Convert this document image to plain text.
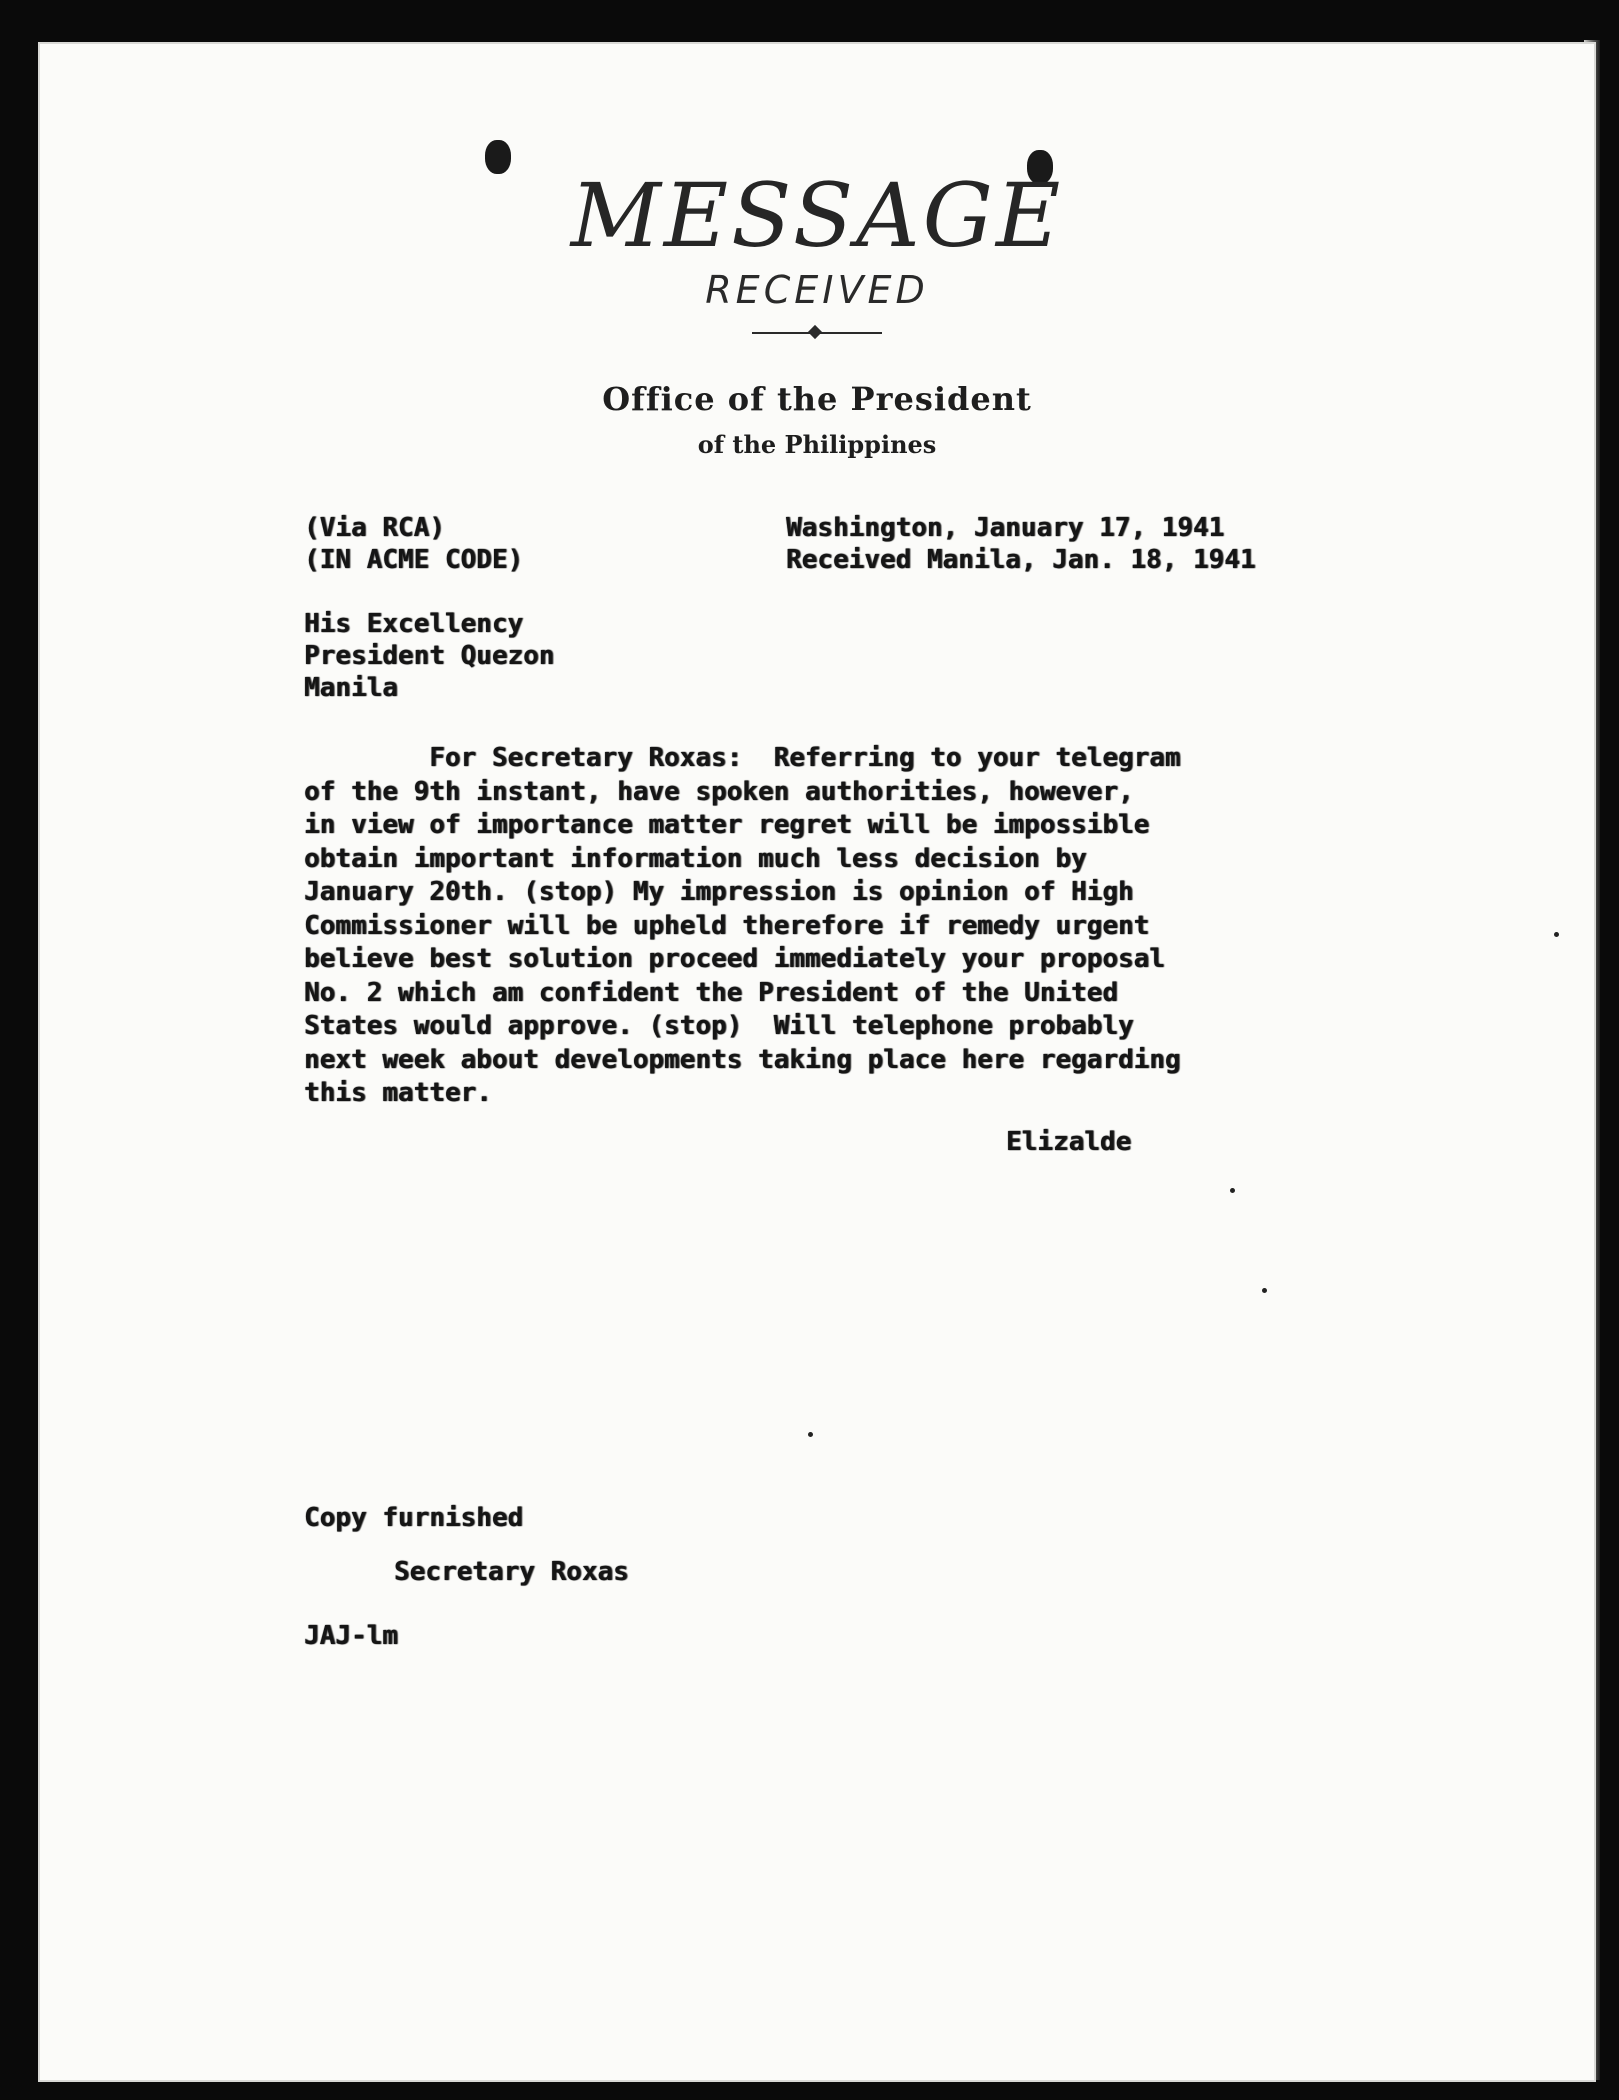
MESSAGE
RECEIVED
Office of the President
of the Philippines
(Via RCA)
(IN ACME CODE)
Washington, January 17, 1941
Received Manila, Jan. 18, 1941
His Excellency
President Quezon
Manila
For Secretary Roxas:  Referring to your telegram
of the 9th instant, have spoken authorities, however,
in view of importance matter regret will be impossible
obtain important information much less decision by
January 20th. (stop) My impression is opinion of High
Commissioner will be upheld therefore if remedy urgent
believe best solution proceed immediately your proposal
No. 2 which am confident the President of the United
States would approve. (stop)  Will telephone probably
next week about developments taking place here regarding
this matter.
Elizalde
Copy furnished
Secretary Roxas
JAJ-lm
